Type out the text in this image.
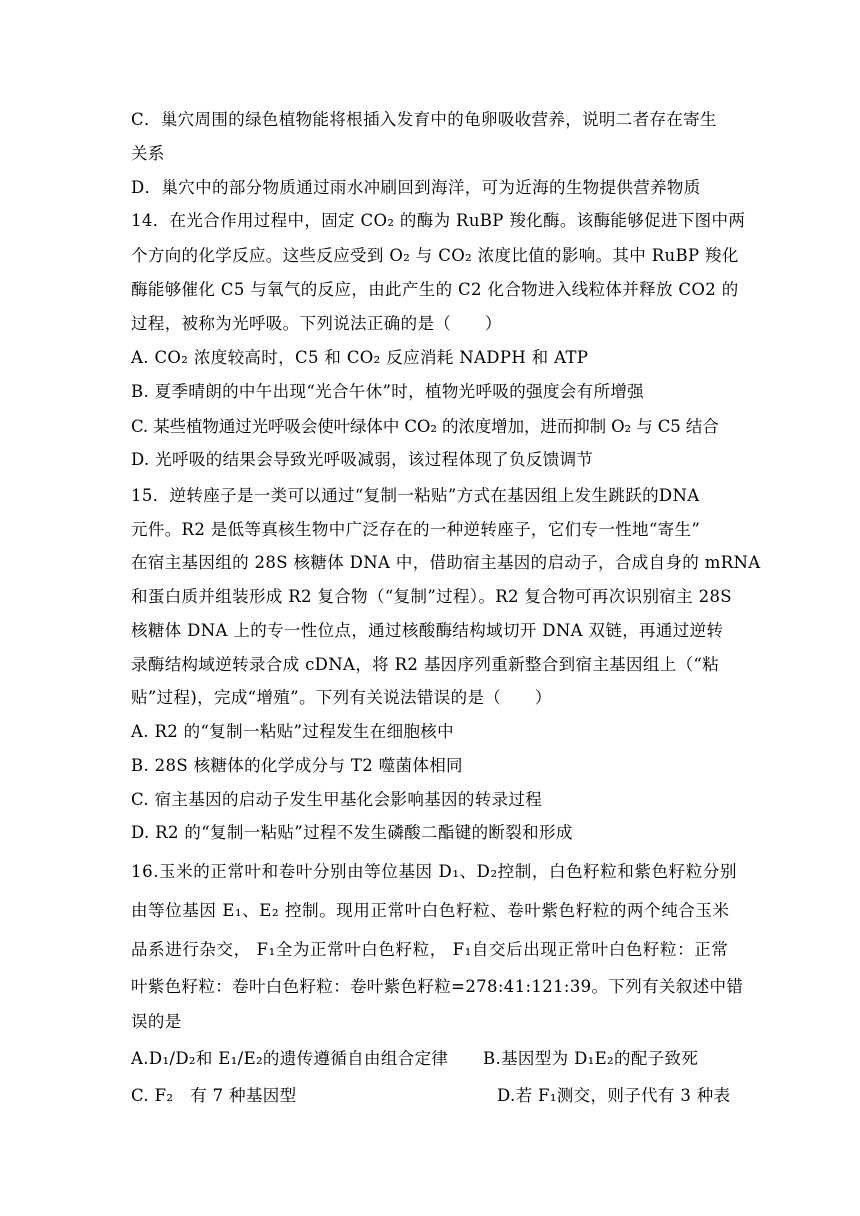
C．巢穴周围的绿色植物能将根插入发育中的龟卵吸收营养，说明二者存在寄生
关系
D．巢穴中的部分物质通过雨水冲刷回到海洋，可为近海的生物提供营养物质
14．在光合作用过程中，固定 CO₂ 的酶为 RuBP 羧化酶。该酶能够促进下图中两
个方向的化学反应。这些反应受到 O₂ 与 CO₂ 浓度比值的影响。其中 RuBP 羧化
酶能够催化 C5 与氧气的反应，由此产生的 C2 化合物进入线粒体并释放 CO2 的
过程，被称为光呼吸。下列说法正确的是（　　）
A. CO₂ 浓度较高时，C5 和 CO₂ 反应消耗 NADPH 和 ATP
B. 夏季晴朗的中午出现“光合午休”时，植物光呼吸的强度会有所增强
C. 某些植物通过光呼吸会使叶绿体中 CO₂ 的浓度增加，进而抑制 O₂ 与 C5 结合
D. 光呼吸的结果会导致光呼吸减弱，该过程体现了负反馈调节
15．逆转座子是一类可以通过“复制一粘贴”方式在基因组上发生跳跃的DNA
元件。R2 是低等真核生物中广泛存在的一种逆转座子，它们专一性地“寄生”
在宿主基因组的 28S 核糖体 DNA 中，借助宿主基因的启动子，合成自身的 mRNA
和蛋白质并组装形成 R2 复合物（“复制”过程）。R2 复合物可再次识别宿主 28S
核糖体 DNA 上的专一性位点，通过核酸酶结构域切开 DNA 双链，再通过逆转
录酶结构域逆转录合成 cDNA，将 R2 基因序列重新整合到宿主基因组上（“粘
贴”过程)，完成“增殖”。下列有关说法错误的是（　　）
A. R2 的“复制一粘贴”过程发生在细胞核中
B. 28S 核糖体的化学成分与 T2 噬菌体相同
C. 宿主基因的启动子发生甲基化会影响基因的转录过程
D. R2 的“复制一粘贴”过程不发生磷酸二酯键的断裂和形成
16.玉米的正常叶和卷叶分别由等位基因 D₁、D₂控制，白色籽粒和紫色籽粒分别
由等位基因 E₁、E₂ 控制。现用正常叶白色籽粒、卷叶紫色籽粒的两个纯合玉米
品系进行杂交， F₁全为正常叶白色籽粒， F₁自交后出现正常叶白色籽粒：正常
叶紫色籽粒：卷叶白色籽粒：卷叶紫色籽粒=278:41:121:39。下列有关叙述中错
误的是
A.D₁/D₂和 E₁/E₂的遗传遵循自由组合定律 B.基因型为 D₁E₂的配子致死
C. F₂　有 7 种基因型	D.若 F₁测交，则子代有 3 种表
